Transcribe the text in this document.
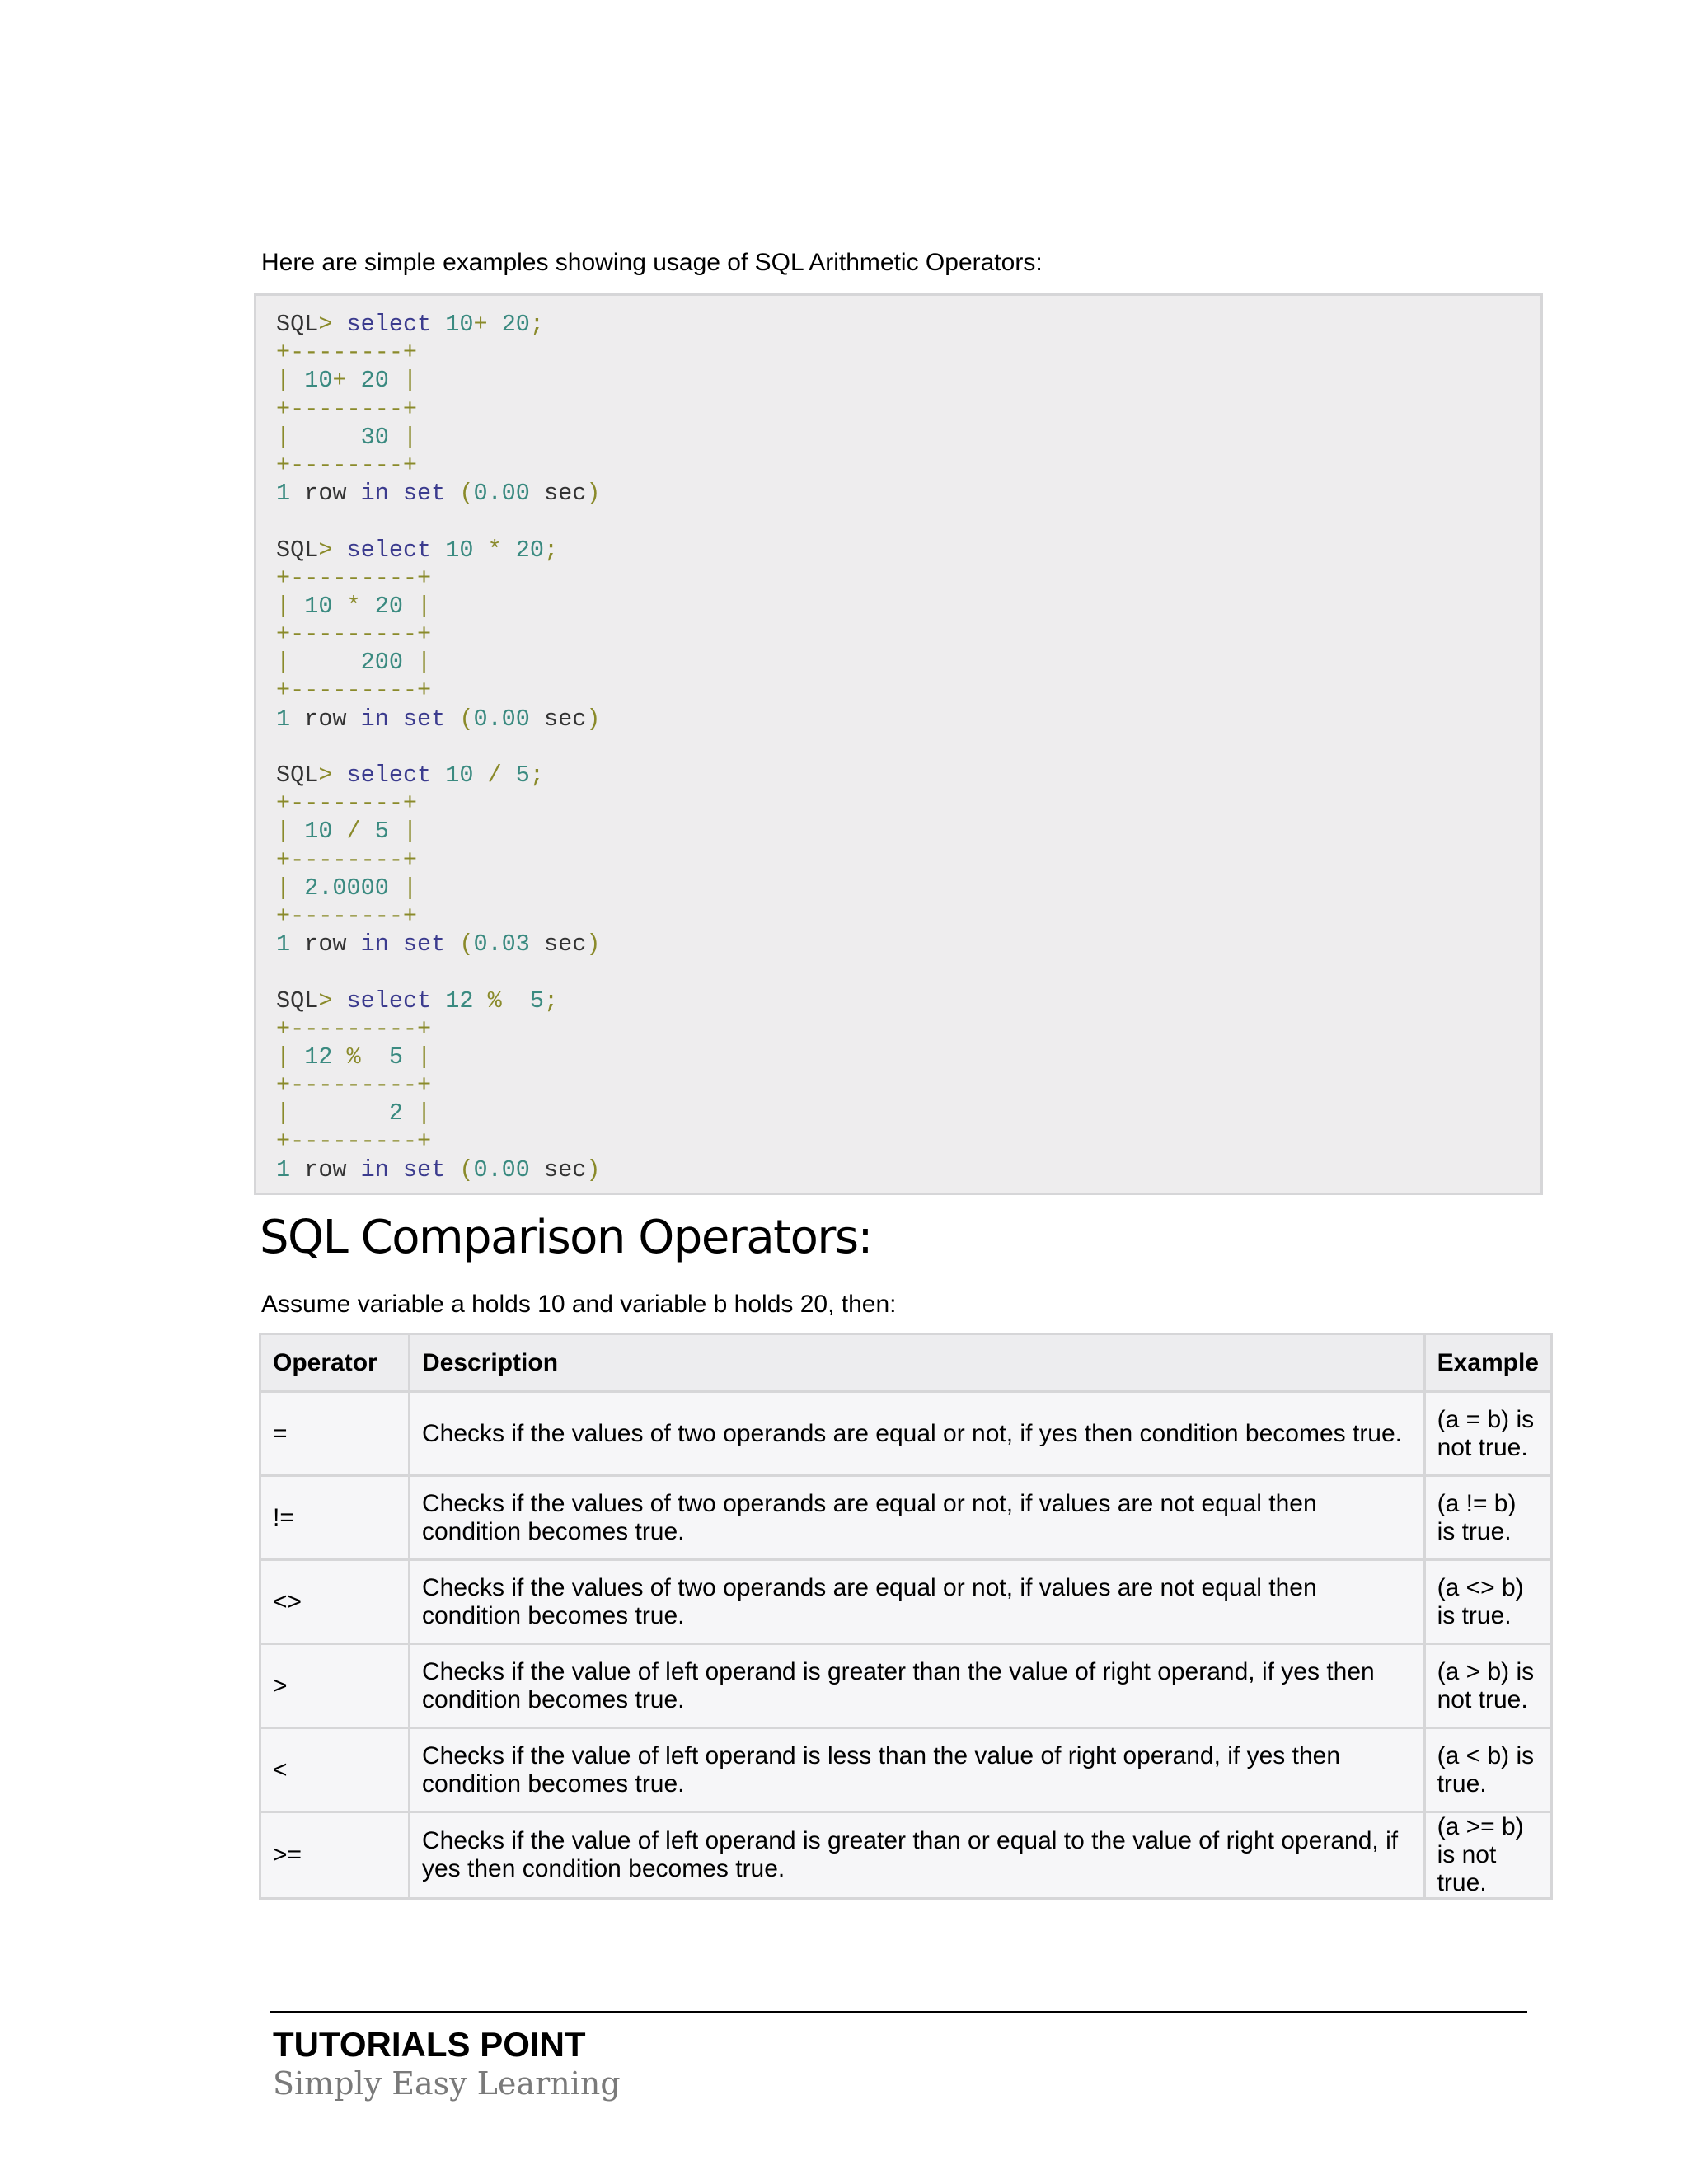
Here are simple examples showing usage of SQL Arithmetic Operators:
SQL> select 10+ 20;
+--------+
| 10+ 20 |
+--------+
|     30 |
+--------+
1 row in set (0.00 sec)
SQL> select 10 * 20;
+---------+
| 10 * 20 |
+---------+
|     200 |
+---------+
1 row in set (0.00 sec)
SQL> select 10 / 5;
+--------+
| 10 / 5 |
+--------+
| 2.0000 |
+--------+
1 row in set (0.03 sec)
SQL> select 12 %  5;
+---------+
| 12 %  5 |
+---------+
|       2 |
+---------+
1 row in set (0.00 sec)
SQL Comparison Operators:
Assume variable a holds 10 and variable b holds 20, then:
Operator	Description	Example
=	Checks if the values of two operands are equal or not, if yes then condition becomes true.	(a = b) is not true.
!=	Checks if the values of two operands are equal or not, if values are not equal then condition becomes true.	(a != b) is true.
<>	Checks if the values of two operands are equal or not, if values are not equal then condition becomes true.	(a <> b) is true.
>	Checks if the value of left operand is greater than the value of right operand, if yes then condition becomes true.	(a > b) is not true.
<	Checks if the value of left operand is less than the value of right operand, if yes then condition becomes true.	(a < b) is true.
>=	Checks if the value of left operand is greater than or equal to the value of right operand, if yes then condition becomes true.	(a >= b) is not true.
TUTORIALS POINT
Simply Easy Learning
